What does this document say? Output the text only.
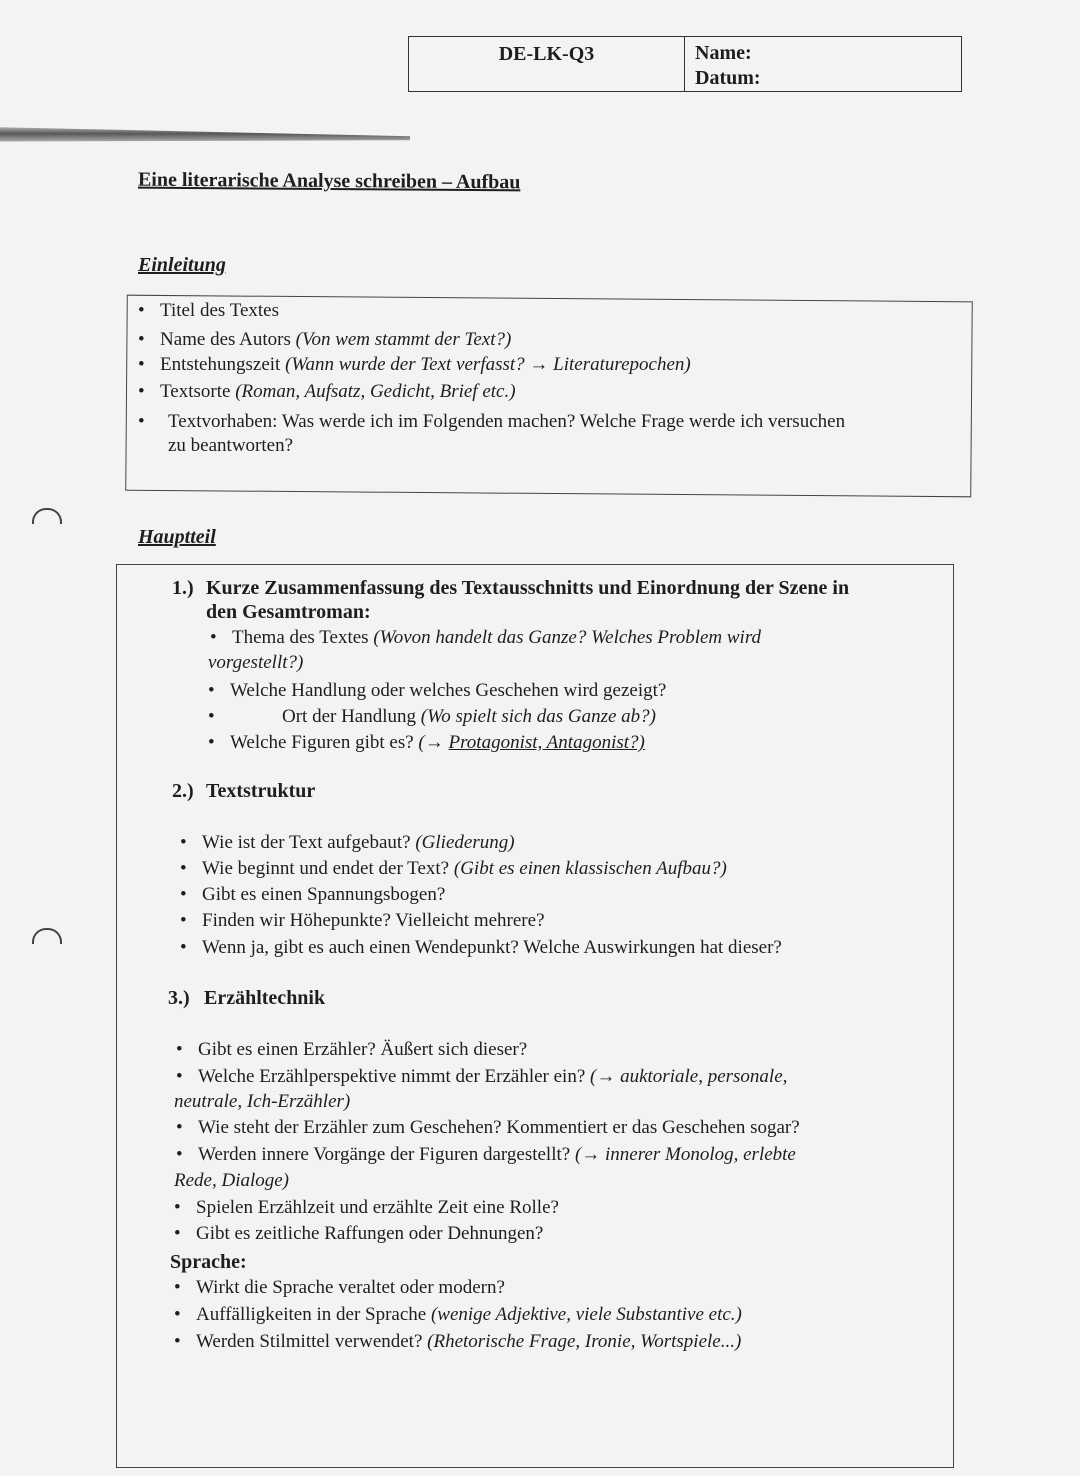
DE-LK-Q3	Name:
Datum:
Eine literarische Analyse schreiben – Aufbau
Einleitung
• Titel des Textes
• Name des Autors (Von wem stammt der Text?)
• Entstehungszeit (Wann wurde der Text verfasst? → Literaturepochen)
• Textsorte (Roman, Aufsatz, Gedicht, Brief etc.)
• Textvorhaben: Was werde ich im Folgenden machen? Welche Frage werde ich versuchen
zu beantworten?
Hauptteil
1.) Kurze Zusammenfassung des Textausschnitts und Einordnung der Szene in
den Gesamtroman:
• Thema des Textes (Wovon handelt das Ganze? Welches Problem wird
vorgestellt?)
• Welche Handlung oder welches Geschehen wird gezeigt?
•	Ort der Handlung (Wo spielt sich das Ganze ab?)
• Welche Figuren gibt es? (→ Protagonist, Antagonist?)
2.) Textstruktur
• Wie ist der Text aufgebaut? (Gliederung)
• Wie beginnt und endet der Text? (Gibt es einen klassischen Aufbau?)
• Gibt es einen Spannungsbogen?
• Finden wir Höhepunkte? Vielleicht mehrere?
• Wenn ja, gibt es auch einen Wendepunkt? Welche Auswirkungen hat dieser?
3.) Erzähltechnik
• Gibt es einen Erzähler? Äußert sich dieser?
• Welche Erzählperspektive nimmt der Erzähler ein? (→ auktoriale, personale,
neutrale, Ich-Erzähler)
• Wie steht der Erzähler zum Geschehen? Kommentiert er das Geschehen sogar?
• Werden innere Vorgänge der Figuren dargestellt? (→ innerer Monolog, erlebte
Rede, Dialoge)
• Spielen Erzählzeit und erzählte Zeit eine Rolle?
• Gibt es zeitliche Raffungen oder Dehnungen?
Sprache:
• Wirkt die Sprache veraltet oder modern?
• Auffälligkeiten in der Sprache (wenige Adjektive, viele Substantive etc.)
• Werden Stilmittel verwendet? (Rhetorische Frage, Ironie, Wortspiele...)
